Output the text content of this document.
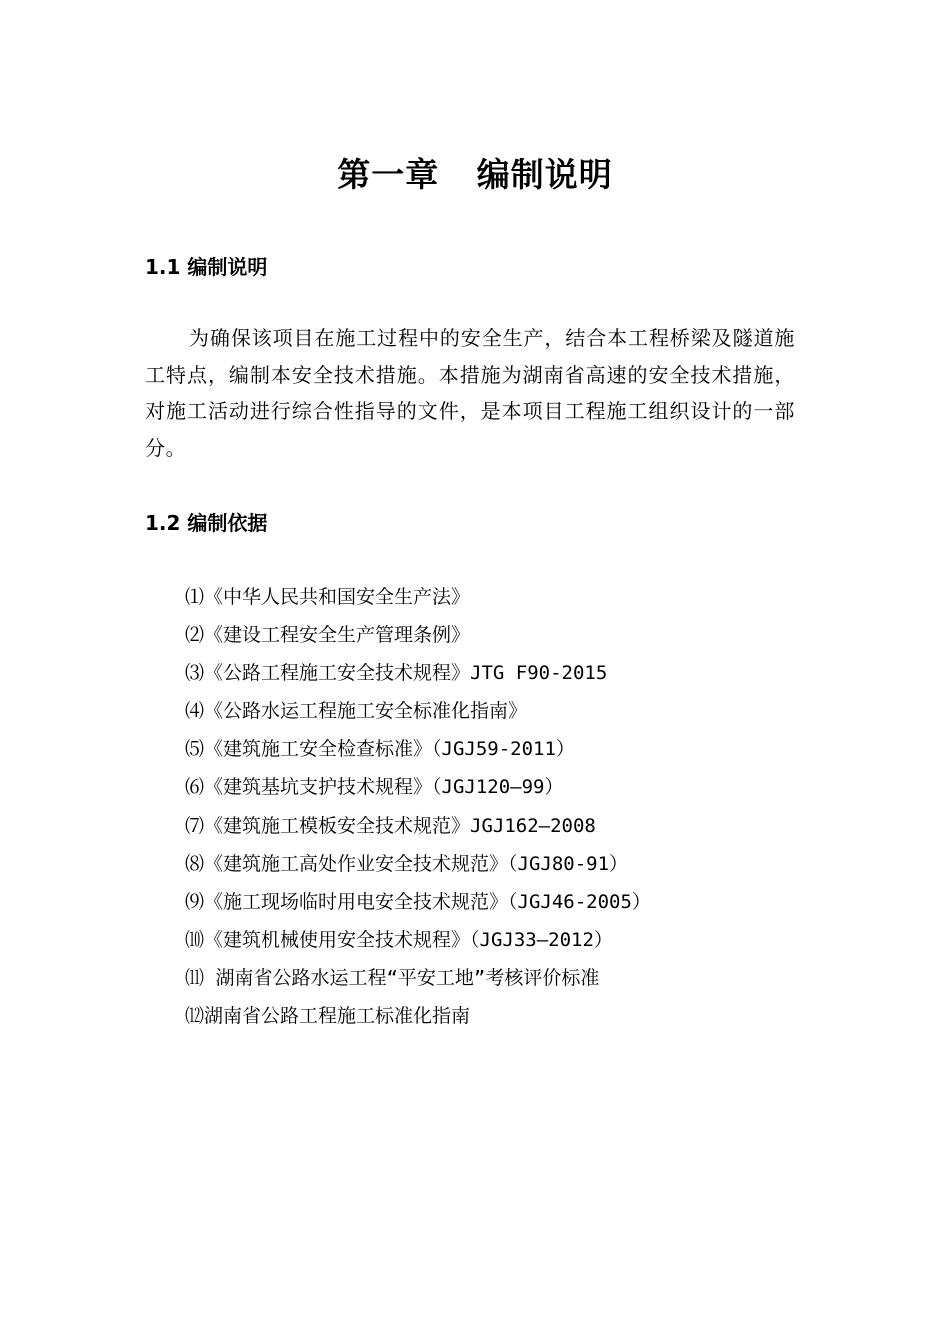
第一章   编制说明
1.1 编制说明
为确保该项目在施工过程中的安全生产，结合本工程桥梁及隧道施工特点，编制本安全技术措施。本措施为湖南省高速的安全技术措施，对施工活动进行综合性指导的文件，是本项目工程施工组织设计的一部分。
1.2 编制依据
⑴《中华人民共和国安全生产法》
⑵《建设工程安全生产管理条例》
⑶《公路工程施工安全技术规程》JTG F90-2015
⑷《公路水运工程施工安全标准化指南》
⑸《建筑施工安全检查标准》（JGJ59-2011）
⑹《建筑基坑支护技术规程》（JGJ120—99）
⑺《建筑施工模板安全技术规范》JGJ162—2008
⑻《建筑施工高处作业安全技术规范》（JGJ80-91）
⑼《施工现场临时用电安全技术规范》（JGJ46-2005）
⑽《建筑机械使用安全技术规程》（JGJ33—2012）
⑾ 湖南省公路水运工程“平安工地”考核评价标准
⑿湖南省公路工程施工标准化指南
